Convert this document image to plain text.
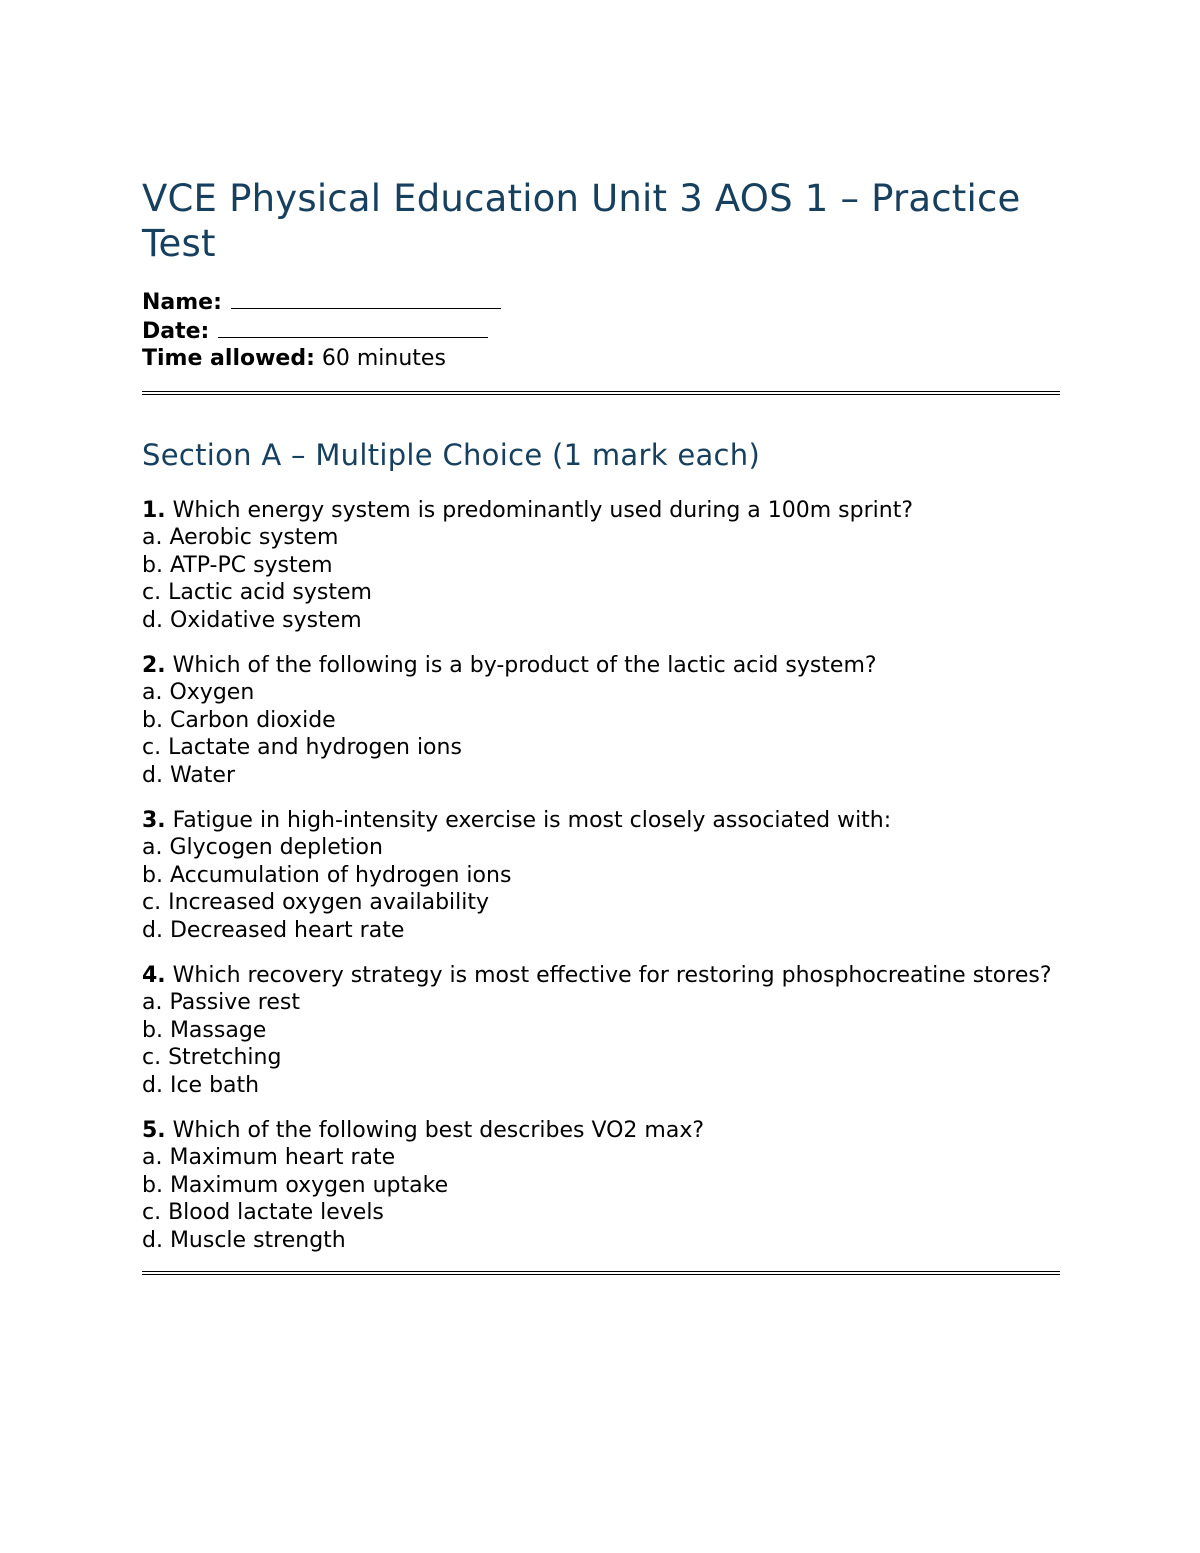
VCE Physical Education Unit 3 AOS 1 – Practice Test
Name:
Date:
Time allowed: 60 minutes
Section A – Multiple Choice (1 mark each)
1. Which energy system is predominantly used during a 100m sprint?
a. Aerobic system
b. ATP-PC system
c. Lactic acid system
d. Oxidative system
2. Which of the following is a by-product of the lactic acid system?
a. Oxygen
b. Carbon dioxide
c. Lactate and hydrogen ions
d. Water
3. Fatigue in high-intensity exercise is most closely associated with:
a. Glycogen depletion
b. Accumulation of hydrogen ions
c. Increased oxygen availability
d. Decreased heart rate
4. Which recovery strategy is most effective for restoring phosphocreatine stores?
a. Passive rest
b. Massage
c. Stretching
d. Ice bath
5. Which of the following best describes VO2 max?
a. Maximum heart rate
b. Maximum oxygen uptake
c. Blood lactate levels
d. Muscle strength
